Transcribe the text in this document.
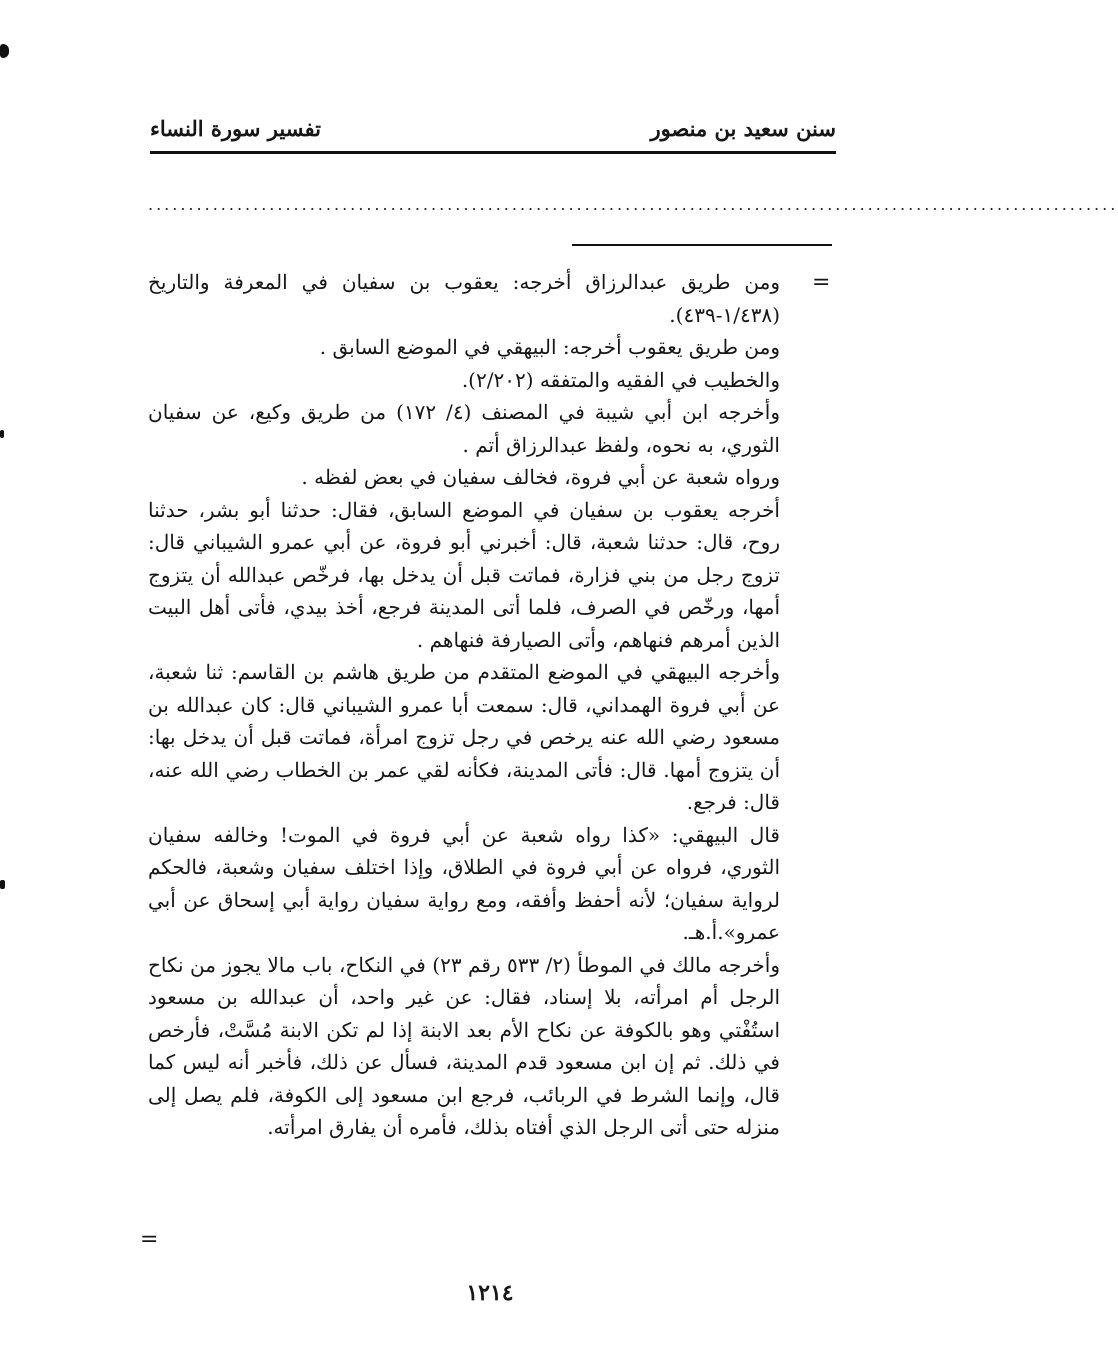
سنن سعيد بن منصور
تفسير سورة النساء
........................................................................................................................
=

ومن طريق عبدالرزاق أخرجه: يعقوب بن سفيان في المعرفة والتاريخ (١/٤٣٨-٤٣٩).

ومن طريق يعقوب أخرجه: البيهقي في الموضع السابق .

والخطيب في الفقيه والمتفقه (٢/٢٠٢).

وأخرجه ابن أبي شيبة في المصنف (٤/ ١٧٢) من طريق وكيع، عن سفيان الثوري، به نحوه، ولفظ عبدالرزاق أتم .

ورواه شعبة عن أبي فروة، فخالف سفيان في بعض لفظه .

أخرجه يعقوب بن سفيان في الموضع السابق، فقال: حدثنا أبو بشر، حدثنا روح، قال: حدثنا شعبة، قال: أخبرني أبو فروة، عن أبي عمرو الشيباني قال: تزوج رجل من بني فزارة، فماتت قبل أن يدخل بها، فرخّص عبدالله أن يتزوج أمها، ورخّص في الصرف، فلما أتى المدينة فرجع، أخذ بيدي، فأتى أهل البيت الذين أمرهم فنهاهم، وأتى الصيارفة فنهاهم .

وأخرجه البيهقي في الموضع المتقدم من طريق هاشم بن القاسم: ثنا شعبة، عن أبي فروة الهمداني، قال: سمعت أبا عمرو الشيباني قال: كان عبدالله بن مسعود رضي الله عنه يرخص في رجل تزوج امرأة، فماتت قبل أن يدخل بها: أن يتزوج أمها. قال: فأتى المدينة، فكأنه لقي عمر بن الخطاب رضي الله عنه، قال: فرجع.

قال البيهقي: «كذا رواه شعبة عن أبي فروة في الموت! وخالفه سفيان الثوري، فرواه عن أبي فروة في الطلاق، وإذا اختلف سفيان وشعبة، فالحكم لرواية سفيان؛ لأنه أحفظ وأفقه، ومع رواية سفيان رواية أبي إسحاق عن أبي عمرو».أ.هـ.

وأخرجه مالك في الموطأ (٢/ ٥٣٣ رقم ٢٣) في النكاح، باب مالا يجوز من نكاح الرجل أم امرأته، بلا إسناد، فقال: عن غير واحد، أن عبدالله بن مسعود استُفْتي وهو بالكوفة عن نكاح الأم بعد الابنة إذا لم تكن الابنة مُسَّتْ، فأرخص في ذلك. ثم إن ابن مسعود قدم المدينة، فسأل عن ذلك، فأخبر أنه ليس كما قال، وإنما الشرط في الربائب، فرجع ابن مسعود إلى الكوفة، فلم يصل إلى منزله حتى أتى الرجل الذي أفتاه بذلك، فأمره أن يفارق امرأته.

=
١٢١٤
